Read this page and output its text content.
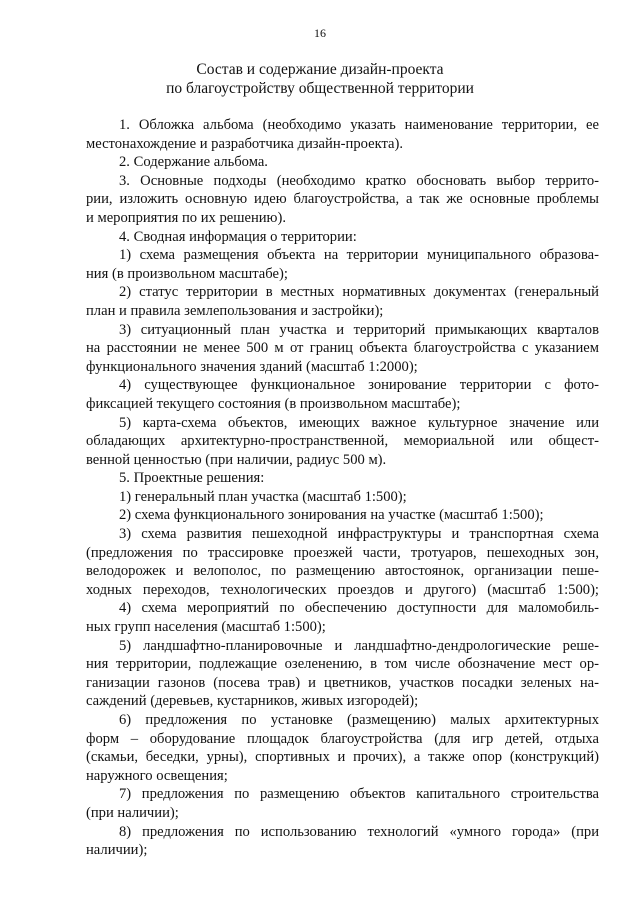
16
Состав и содержание дизайн-проекта
по благоустройству общественной территории
1. Обложка альбома (необходимо указать наименование территории, ее
местонахождение и разработчика дизайн-проекта).
2. Содержание альбома.
3. Основные подходы (необходимо кратко обосновать выбор террито-
рии, изложить основную идею благоустройства, а так же основные проблемы
и мероприятия по их решению).
4. Сводная информация о территории:
1) схема размещения объекта на территории муниципального образова-
ния (в произвольном масштабе);
2) статус территории в местных нормативных документах (генеральный
план и правила землепользования и застройки);
3) ситуационный план участка и территорий примыкающих кварталов
на расстоянии не менее 500 м от границ объекта благоустройства с указанием
функционального значения зданий (масштаб 1:2000);
4) существующее функциональное зонирование территории с фото-
фиксацией текущего состояния (в произвольном масштабе);
5) карта-схема объектов, имеющих важное культурное значение или
обладающих архитектурно-пространственной, мемориальной или общест-
венной ценностью (при наличии, радиус 500 м).
5. Проектные решения:
1) генеральный план участка (масштаб 1:500);
2) схема функционального зонирования на участке (масштаб 1:500);
3) схема развития пешеходной инфраструктуры и транспортная схема
(предложения по трассировке проезжей части, тротуаров, пешеходных зон,
велодорожек и велополос, по размещению автостоянок, организации пеше-
ходных переходов, технологических проездов и другого) (масштаб 1:500);
4) схема мероприятий по обеспечению доступности для маломобиль-
ных групп населения (масштаб 1:500);
5) ландшафтно-планировочные и ландшафтно-дендрологические реше-
ния территории, подлежащие озеленению, в том числе обозначение мест ор-
ганизации газонов (посева трав) и цветников, участков посадки зеленых на-
саждений (деревьев, кустарников, живых изгородей);
6) предложения по установке (размещению) малых архитектурных
форм – оборудование площадок благоустройства (для игр детей, отдыха
(скамьи, беседки, урны), спортивных и прочих), а также опор (конструкций)
наружного освещения;
7) предложения по размещению объектов капитального строительства
(при наличии);
8) предложения по использованию технологий «умного города» (при
наличии);
